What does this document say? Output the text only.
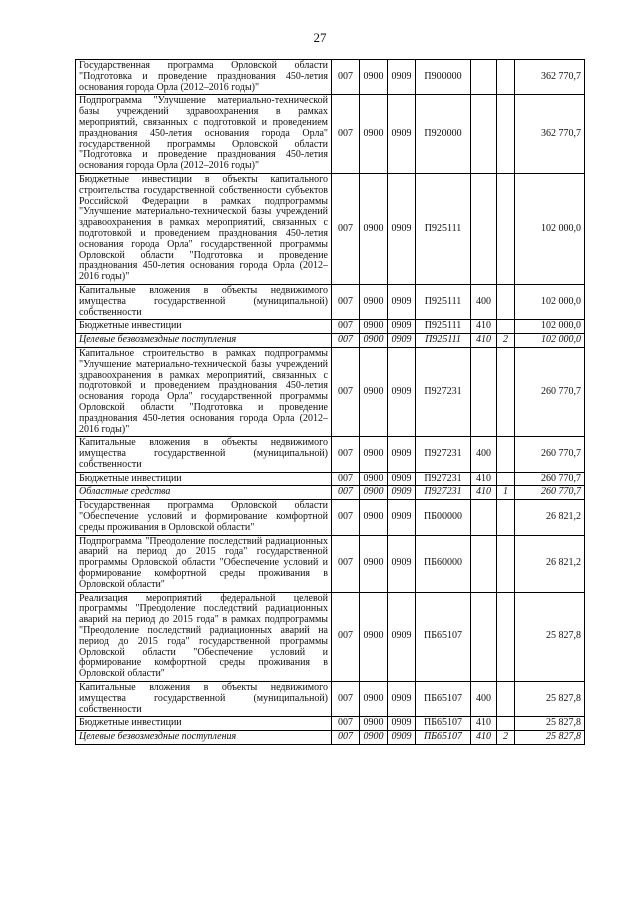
27
Государственная программа Орловской области "Подготовка и проведение празднования 450-летия основания города Орла (2012–2016 годы)"	007	0900	0909	П900000			362 770,7
Подпрограмма "Улучшение материально-технической базы учреждений здравоохранения в рамках мероприятий, связанных с подготовкой и проведением празднования 450-летия основания города Орла" государственной программы Орловской области "Подготовка и проведение празднования 450-летия основания города Орла (2012–2016 годы)"	007	0900	0909	П920000			362 770,7
Бюджетные инвестиции в объекты капитального строительства государственной собственности субъектов Российской Федерации в рамках подпрограммы "Улучшение материально-технической базы учреждений здравоохранения в рамках мероприятий, связанных с подготовкой и проведением празднования 450-летия основания города Орла" государственной программы Орловской области "Подготовка и проведение празднования 450-летия основания города Орла (2012–2016 годы)"	007	0900	0909	П925111			102 000,0
Капитальные вложения в объекты недвижимого имущества государственной (муниципальной) собственности	007	0900	0909	П925111	400		102 000,0
Бюджетные инвестиции	007	0900	0909	П925111	410		102 000,0
Целевые безвозмездные поступления	007	0900	0909	П925111	410	2	102 000,0
Капитальное строительство в рамках подпрограммы "Улучшение материально-технической базы учреждений здравоохранения в рамках мероприятий, связанных с подготовкой и проведением празднования 450-летия основания города Орла" государственной программы Орловской области "Подготовка и проведение празднования 450-летия основания города Орла (2012–2016 годы)"	007	0900	0909	П927231			260 770,7
Капитальные вложения в объекты недвижимого имущества государственной (муниципальной) собственности	007	0900	0909	П927231	400		260 770,7
Бюджетные инвестиции	007	0900	0909	П927231	410		260 770,7
Областные средства	007	0900	0909	П927231	410	1	260 770,7
Государственная программа Орловской области "Обеспечение условий и формирование комфортной среды проживания в Орловской области"	007	0900	0909	ПБ00000			26 821,2
Подпрограмма "Преодоление последствий радиационных аварий на период до 2015 года" государственной программы Орловской области "Обеспечение условий и формирование комфортной среды проживания в Орловской области"	007	0900	0909	ПБ60000			26 821,2
Реализация мероприятий федеральной целевой программы "Преодоление последствий радиационных аварий на период до 2015 года" в рамках подпрограммы "Преодоление последствий радиационных аварий на период до 2015 года" государственной программы Орловской области "Обеспечение условий и формирование комфортной среды проживания в Орловской области"	007	0900	0909	ПБ65107			25 827,8
Капитальные вложения в объекты недвижимого имущества государственной (муниципальной) собственности	007	0900	0909	ПБ65107	400		25 827,8
Бюджетные инвестиции	007	0900	0909	ПБ65107	410		25 827,8
Целевые безвозмездные поступления	007	0900	0909	ПБ65107	410	2	25 827,8
